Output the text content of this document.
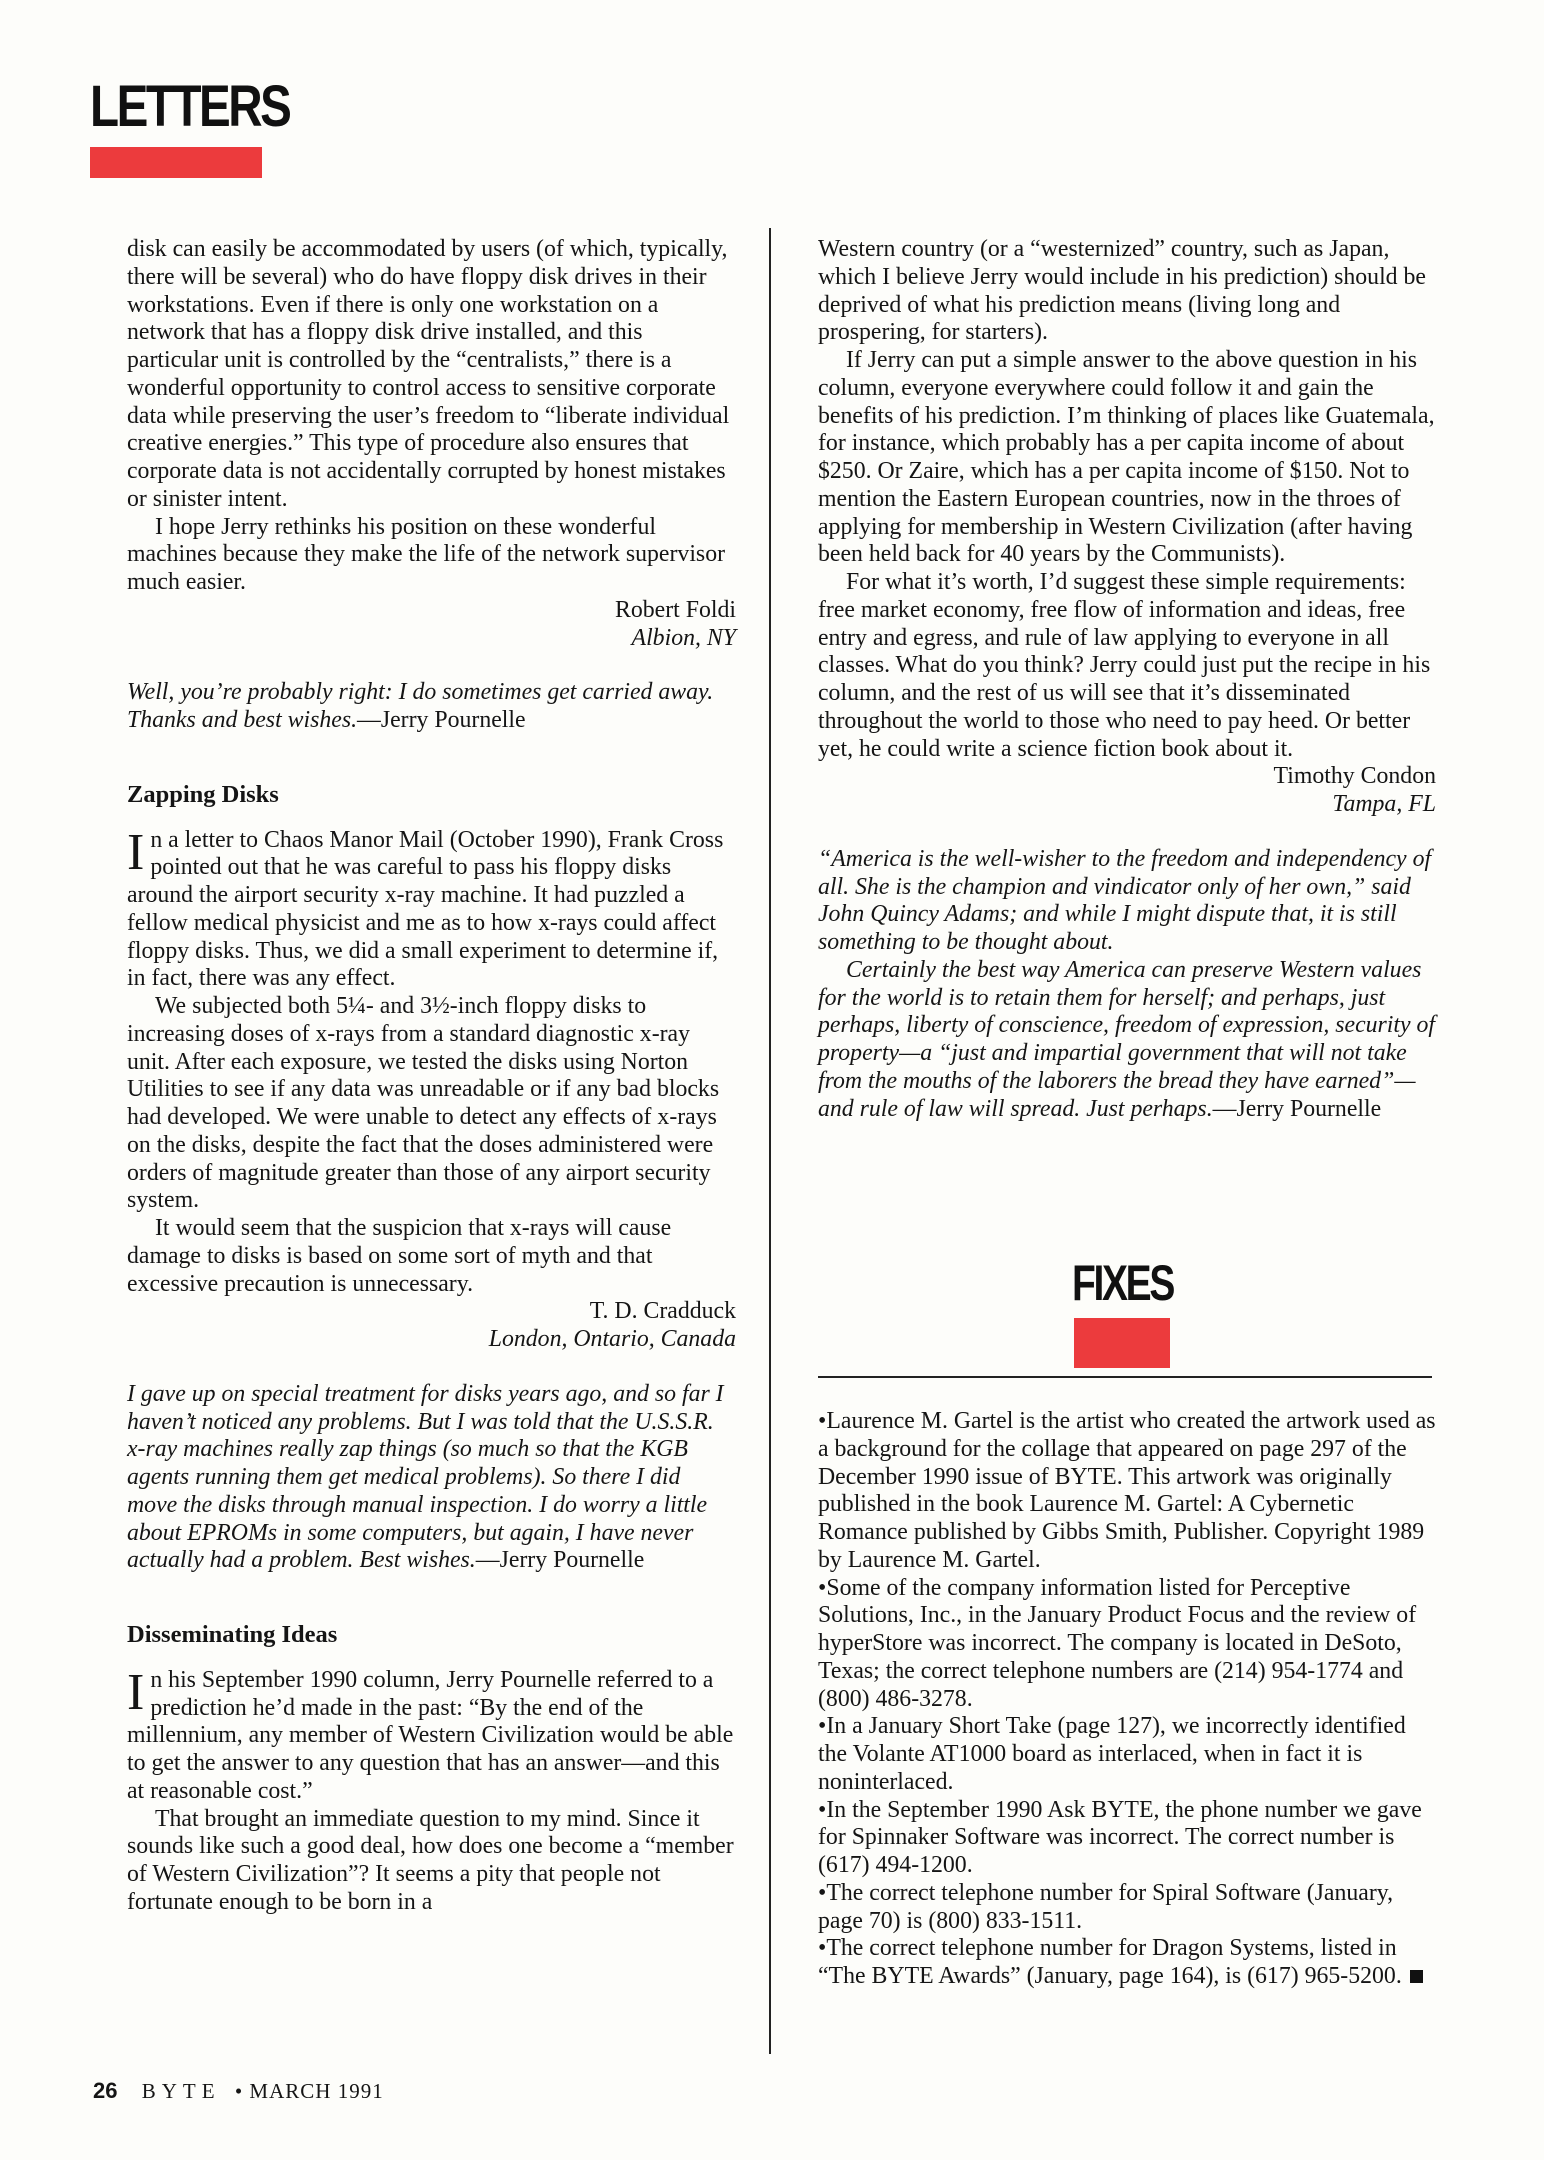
LETTERS

disk can easily be accommodated by users (of which, typically, there will be several) who do have floppy disk drives in their workstations. Even if there is only one workstation on a network that has a floppy disk drive installed, and this particular unit is controlled by the “centralists,” there is a wonderful opportunity to control access to sensitive corporate data while preserving the user’s freedom to “liberate individual creative energies.” This type of procedure also ensures that corporate data is not accidentally corrupted by honest mistakes or sinister intent.

I hope Jerry rethinks his position on these wonderful machines because they make the life of the network supervisor much easier.

Robert Foldi
Albion, NY

Well, you’re probably right: I do sometimes get carried away. Thanks and best wishes.—Jerry Pournelle

Zapping Disks

In a letter to Chaos Manor Mail (October 1990), Frank Cross pointed out that he was careful to pass his floppy disks around the airport security x-ray machine. It had puzzled a fellow medical physicist and me as to how x-rays could affect floppy disks. Thus, we did a small experiment to determine if, in fact, there was any effect.

We subjected both 5¼- and 3½-inch floppy disks to increasing doses of x-rays from a standard diagnostic x-ray unit. After each exposure, we tested the disks using Norton Utilities to see if any data was unreadable or if any bad blocks had developed. We were unable to detect any effects of x-rays on the disks, despite the fact that the doses administered were orders of magnitude greater than those of any airport security system.

It would seem that the suspicion that x-rays will cause damage to disks is based on some sort of myth and that excessive precaution is unnecessary.

T. D. Cradduck
London, Ontario, Canada

I gave up on special treatment for disks years ago, and so far I haven’t noticed any problems. But I was told that the U.S.S.R. x-ray machines really zap things (so much so that the KGB agents running them get medical problems). So there I did move the disks through manual inspection. I do worry a little about EPROMs in some computers, but again, I have never actually had a problem. Best wishes.—Jerry Pournelle

Disseminating Ideas

In his September 1990 column, Jerry Pournelle referred to a prediction he’d made in the past: “By the end of the millennium, any member of Western Civilization would be able to get the answer to any question that has an answer—and this at reasonable cost.”

That brought an immediate question to my mind. Since it sounds like such a good deal, how does one become a “member of Western Civilization”? It seems a pity that people not fortunate enough to be born in a

Western country (or a “westernized” country, such as Japan, which I believe Jerry would include in his prediction) should be deprived of what his prediction means (living long and prospering, for starters).

If Jerry can put a simple answer to the above question in his column, everyone everywhere could follow it and gain the benefits of his prediction. I’m thinking of places like Guatemala, for instance, which probably has a per capita income of about $250. Or Zaire, which has a per capita income of $150. Not to mention the Eastern European countries, now in the throes of applying for membership in Western Civilization (after having been held back for 40 years by the Communists).

For what it’s worth, I’d suggest these simple requirements: free market economy, free flow of information and ideas, free entry and egress, and rule of law applying to everyone in all classes. What do you think? Jerry could just put the recipe in his column, and the rest of us will see that it’s disseminated throughout the world to those who need to pay heed. Or better yet, he could write a science fiction book about it.

Timothy Condon
Tampa, FL

“America is the well-wisher to the freedom and independency of all. She is the champion and vindicator only of her own,” said John Quincy Adams; and while I might dispute that, it is still something to be thought about.

Certainly the best way America can preserve Western values for the world is to retain them for herself; and perhaps, just perhaps, liberty of conscience, freedom of expression, security of property—a “just and impartial government that will not take from the mouths of the laborers the bread they have earned”—and rule of law will spread. Just perhaps.—Jerry Pournelle

FIXES
• Laurence M. Gartel is the artist who created the artwork used as a background for the collage that appeared on page 297 of the December 1990 issue of BYTE. This artwork was originally published in the book Laurence M. Gartel: A Cybernetic Romance published by Gibbs Smith, Publisher. Copyright 1989 by Laurence M. Gartel.
• Some of the company information listed for Perceptive Solutions, Inc., in the January Product Focus and the review of hyperStore was incorrect. The company is located in DeSoto, Texas; the correct telephone numbers are (214) 954-1774 and (800) 486-3278.
• In a January Short Take (page 127), we incorrectly identified the Volante AT1000 board as interlaced, when in fact it is noninterlaced.
• In the September 1990 Ask BYTE, the phone number we gave for Spinnaker Software was incorrect. The correct number is (617) 494-1200.
• The correct telephone number for Spiral Software (January, page 70) is (800) 833-1511.
• The correct telephone number for Dragon Systems, listed in “The BYTE Awards” (January, page 164), is (617) 965-5200.
26 BYTE • MARCH 1991
